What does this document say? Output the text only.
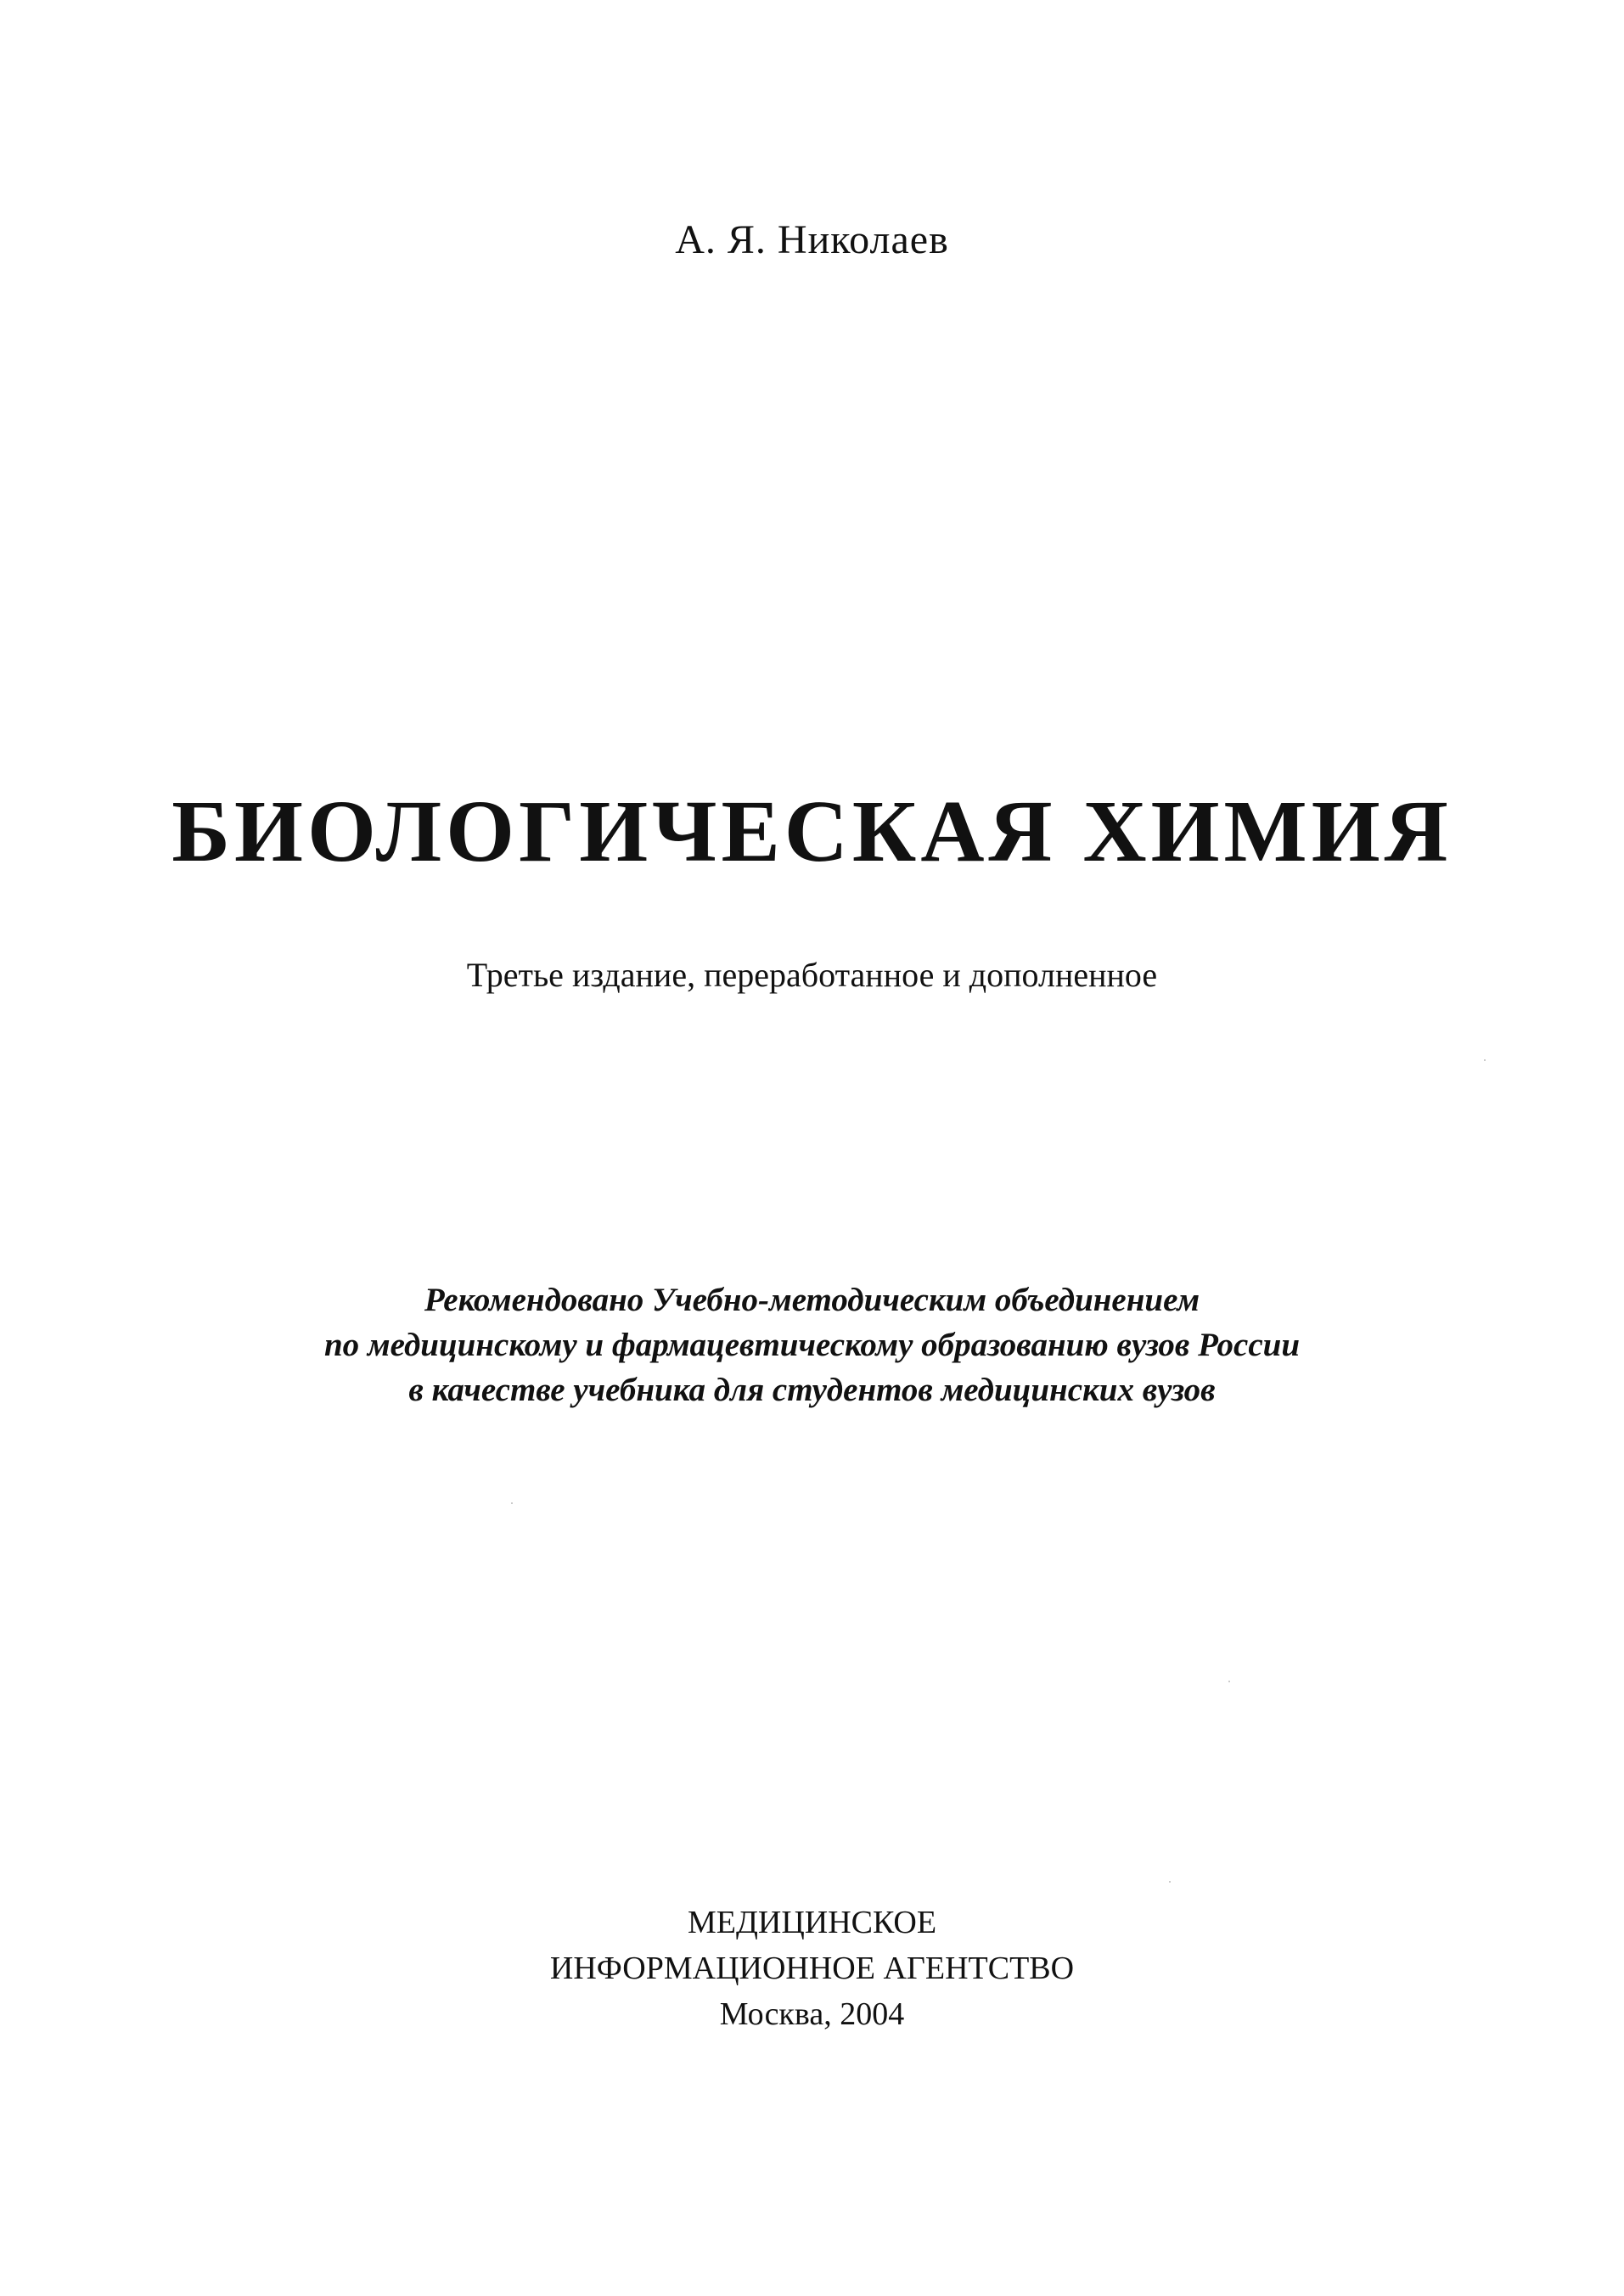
А. Я. Николаев
БИОЛОГИЧЕСКАЯ ХИМИЯ
Третье издание, переработанное и дополненное
Рекомендовано Учебно-методическим объединением
по медицинскому и фармацевтическому образованию вузов России
в качестве учебника для студентов медицинских вузов
МЕДИЦИНСКОЕ
ИНФОРМАЦИОННОЕ АГЕНТСТВО
Москва, 2004
